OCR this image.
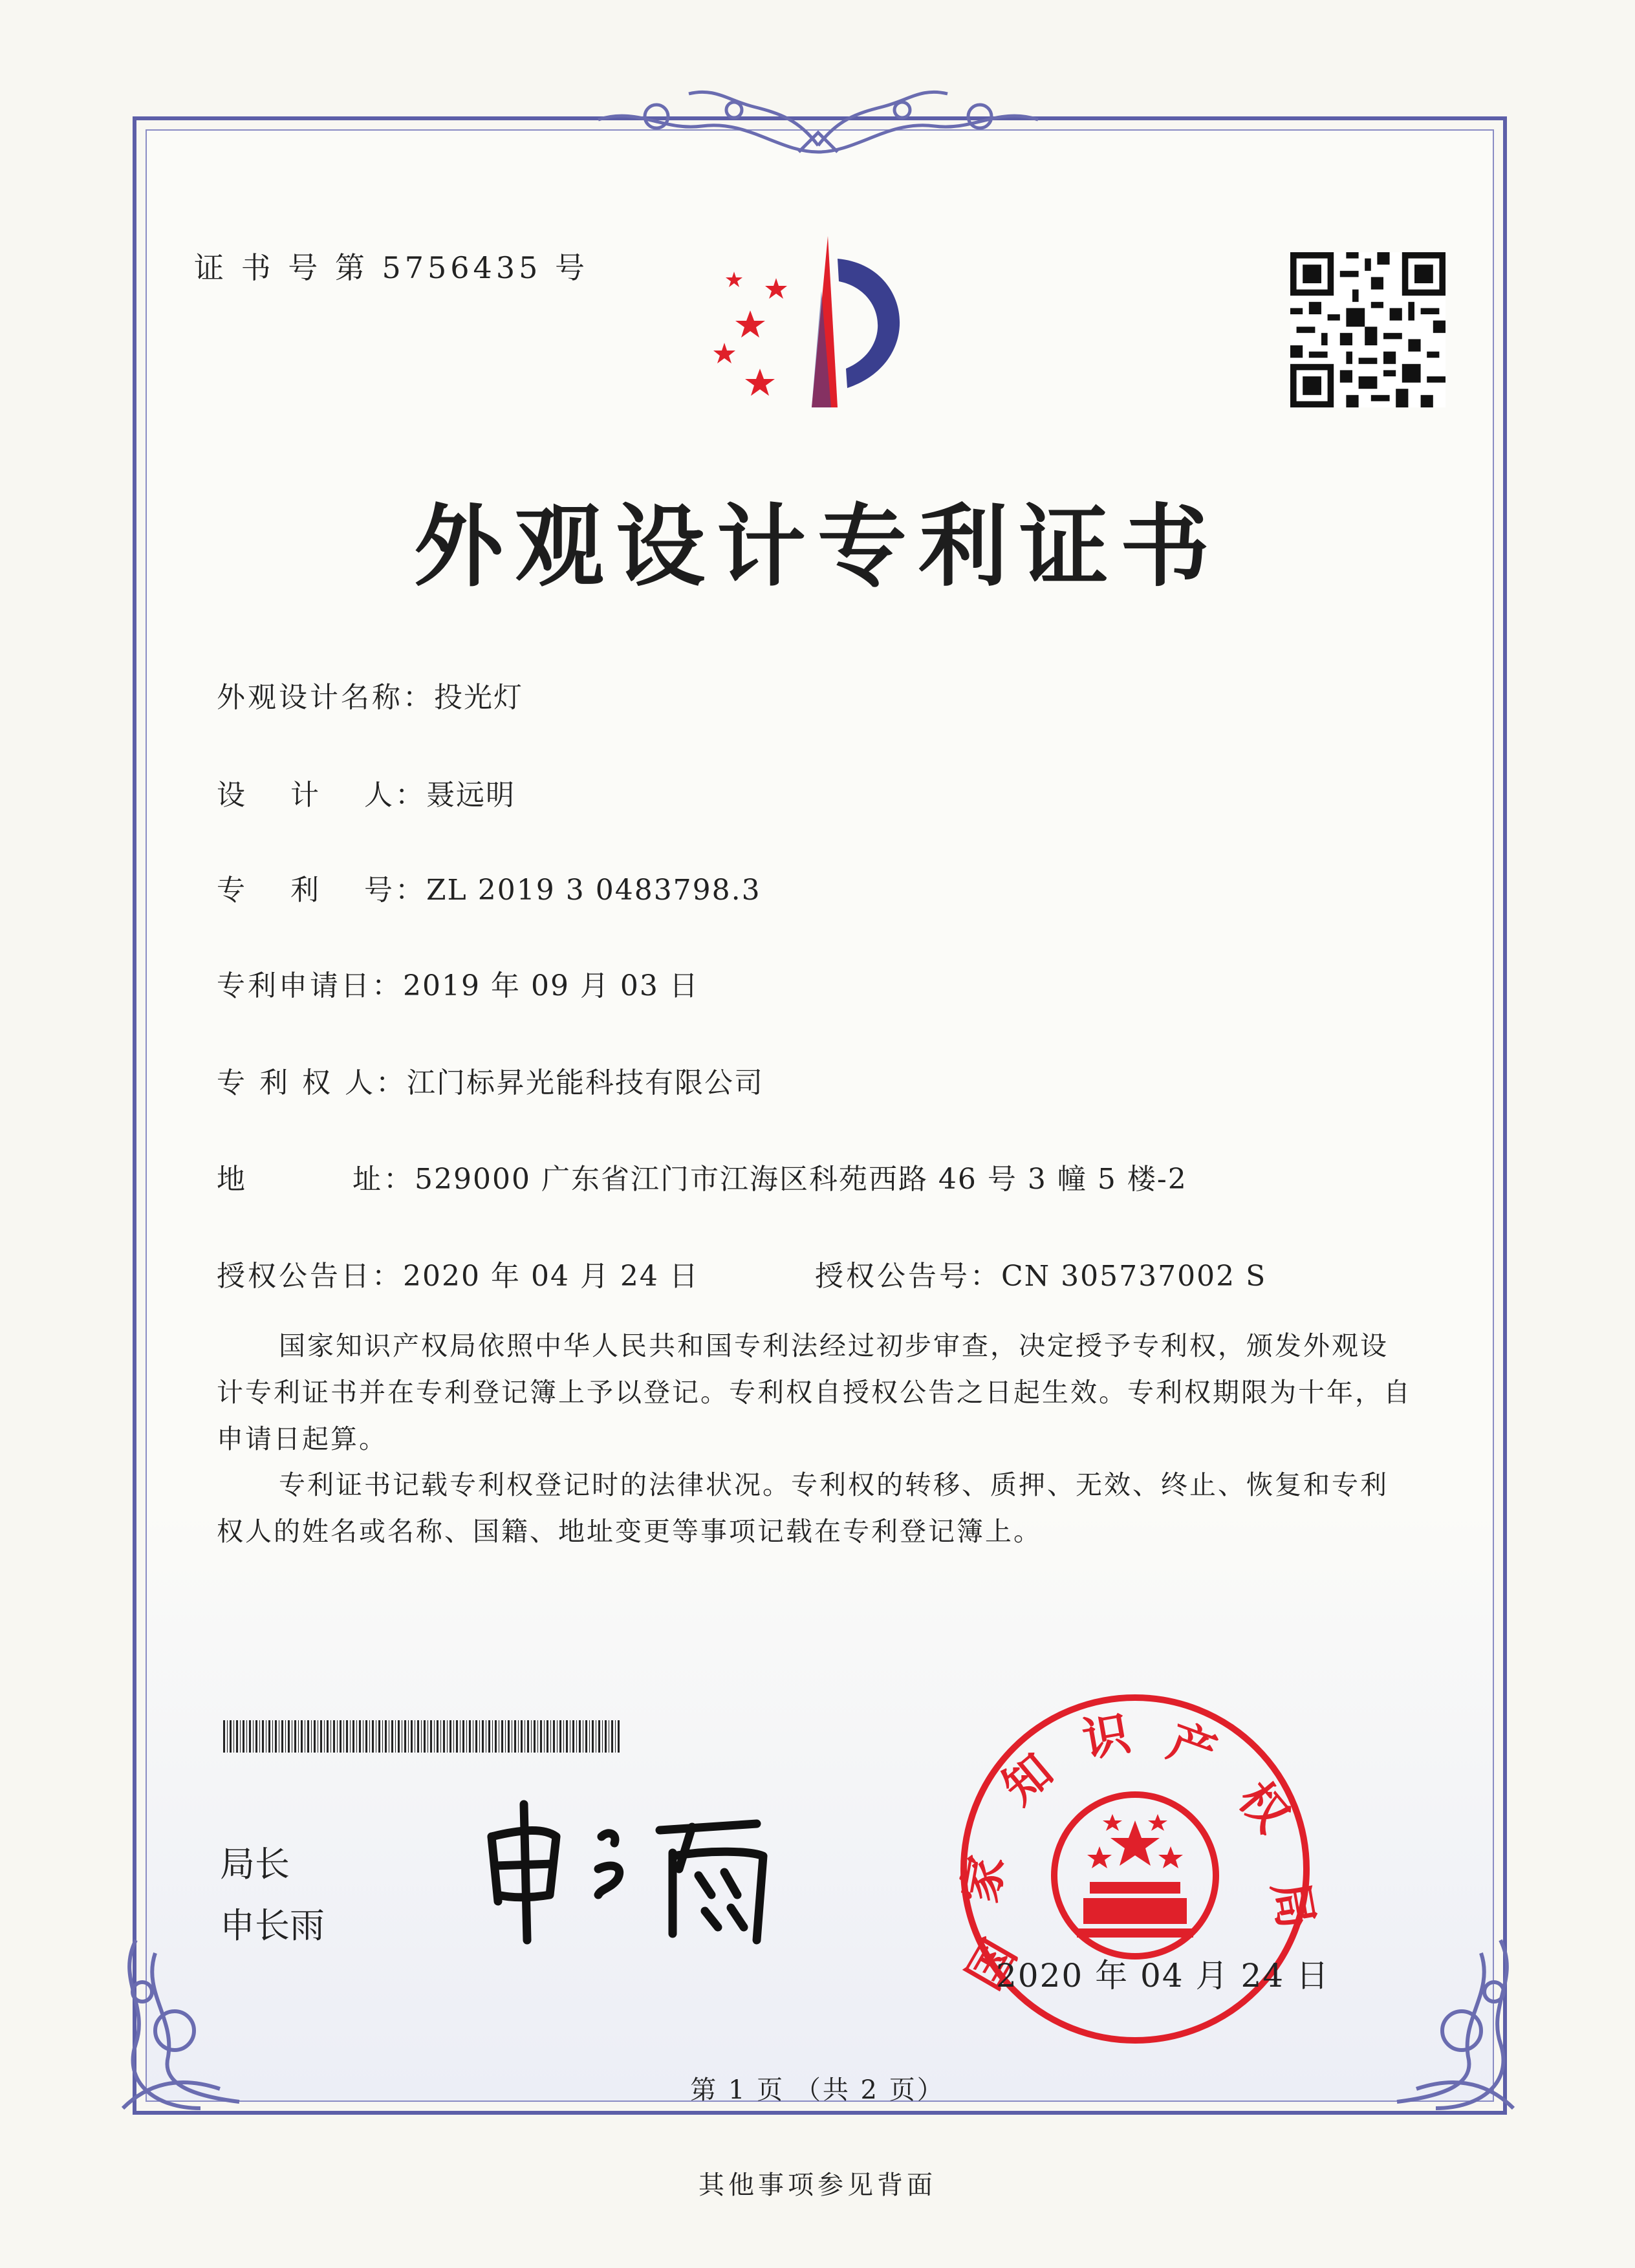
证 书 号 第 5756435 号
外观设计专利证书
外观设计名称：投光灯
设　 计　 人：聂远明
专　 利　 号：ZL 2019 3 0483798.3
专利申请日：2019 年 09 月 03 日
专 利 权 人：江门标昇光能科技有限公司
地　　　 址：529000 广东省江门市江海区科苑西路 46 号 3 幢 5 楼-2
授权公告日：2020 年 04 月 24 日	授权公告号：CN 305737002 S

国家知识产权局依照中华人民共和国专利法经过初步审查，决定授予专利权，颁发外观设计专利证书并在专利登记簿上予以登记。专利权自授权公告之日起生效。专利权期限为十年，自申请日起算。

专利证书记载专利权登记时的法律状况。专利权的转移、质押、无效、终止、恢复和专利权人的姓名或名称、国籍、地址变更等事项记载在专利登记簿上。

局长
申长雨
国
家
知
识 产
权
局
2020 年 04 月 24 日
第 1 页 （共 2 页）
其他事项参见背面
